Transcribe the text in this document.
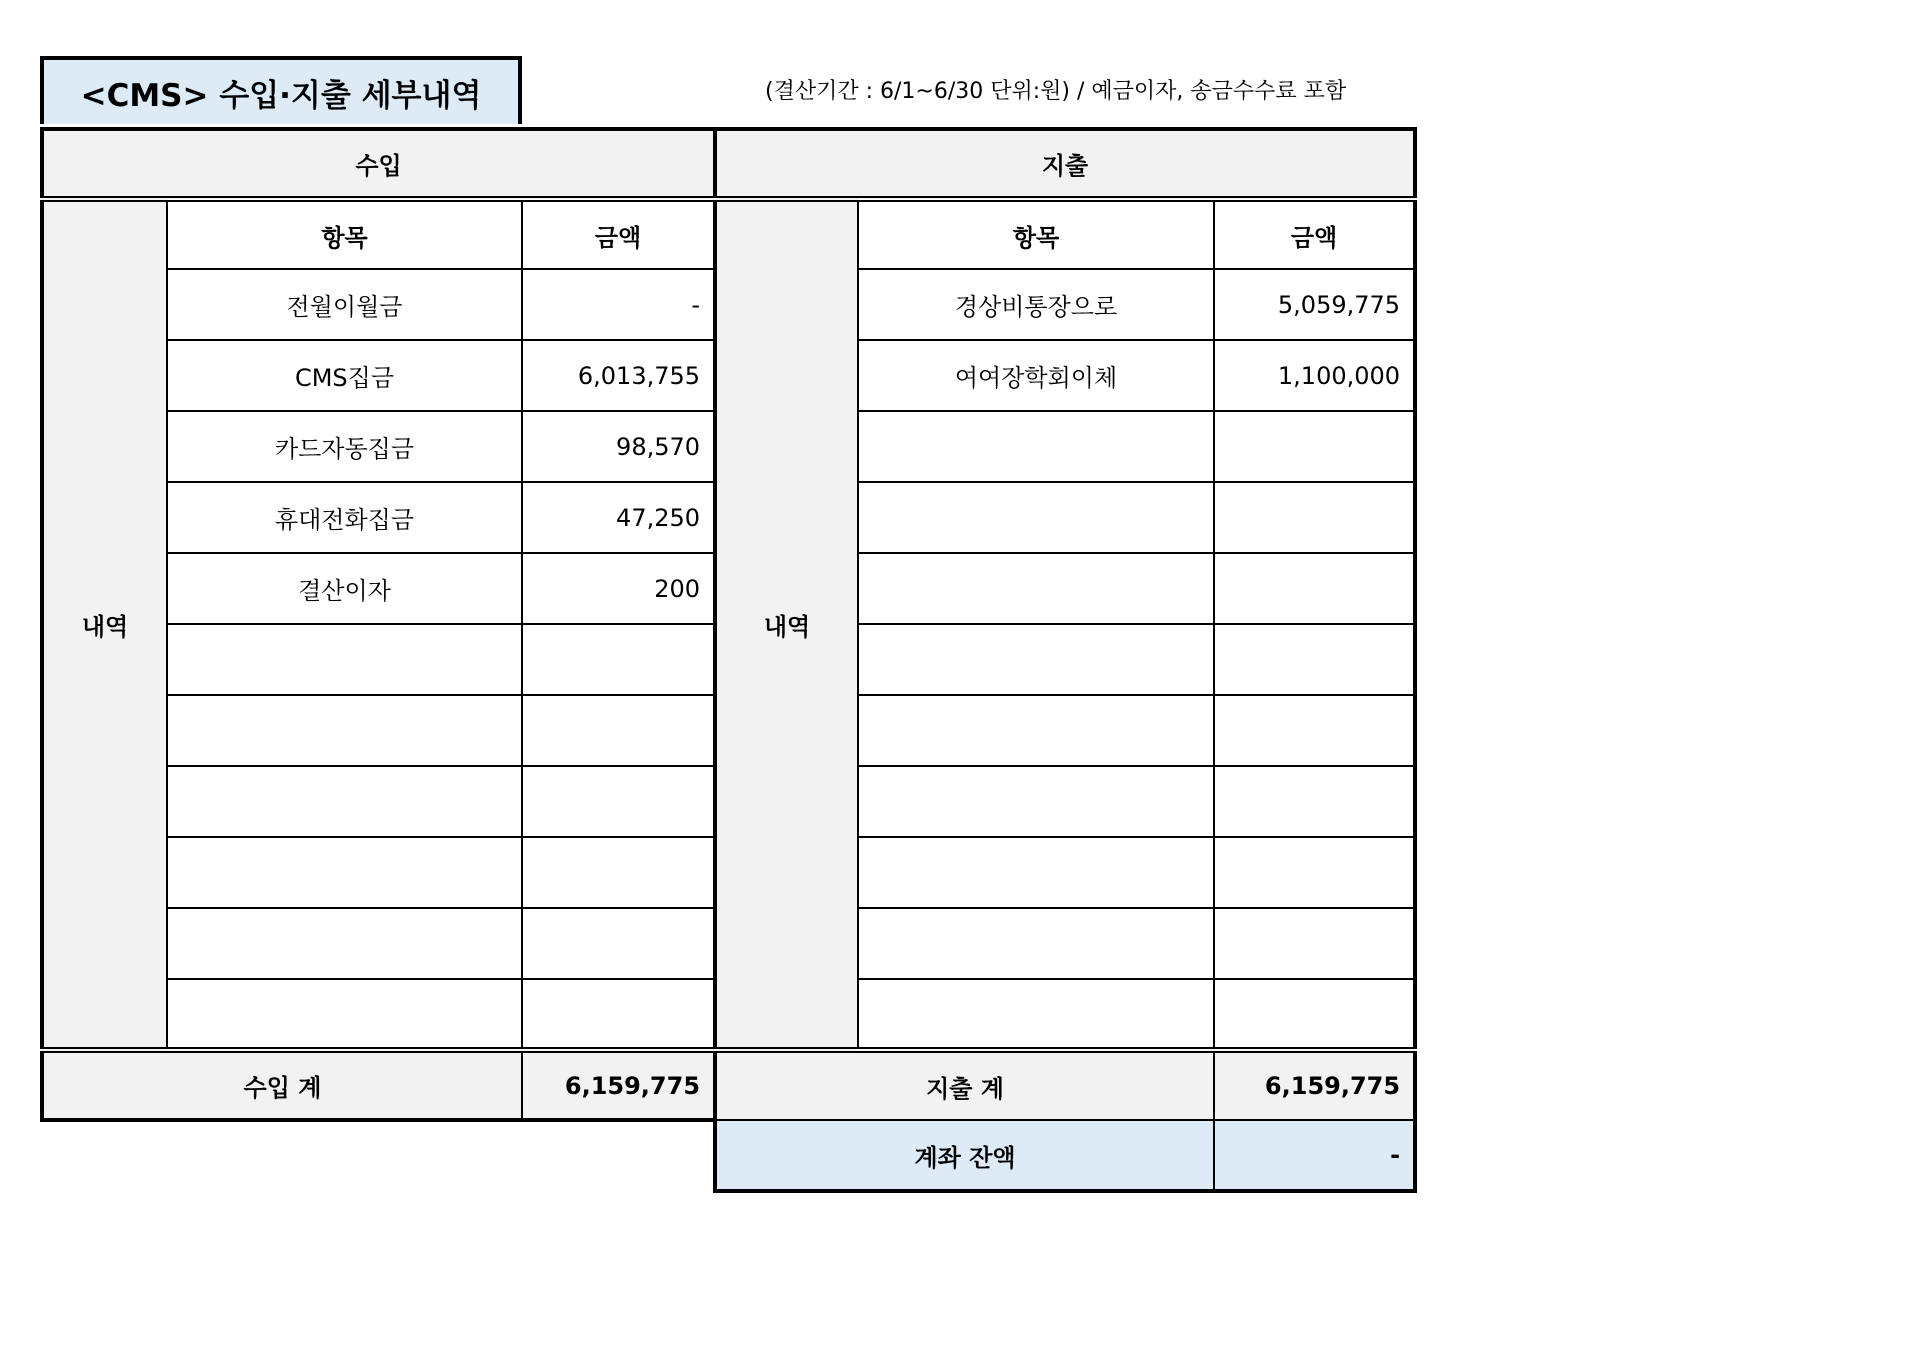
<CMS> 수입·지출 세부내역	(결산기간 : 6/1~6/30 단위:원) / 예금이자, 송금수수료 포함
수입			지출		
내역	항목	금액	내역	항목	금액
	전월이월금	-		경상비통장으로	5,059,775
	CMS집금	6,013,755		여여장학회이체	1,100,000
	카드자동집금	98,570			
	휴대전화집금	47,250			
	결산이자	200			

수입 계		6,159,775	지출 계		6,159,775
			계좌 잔액		-
